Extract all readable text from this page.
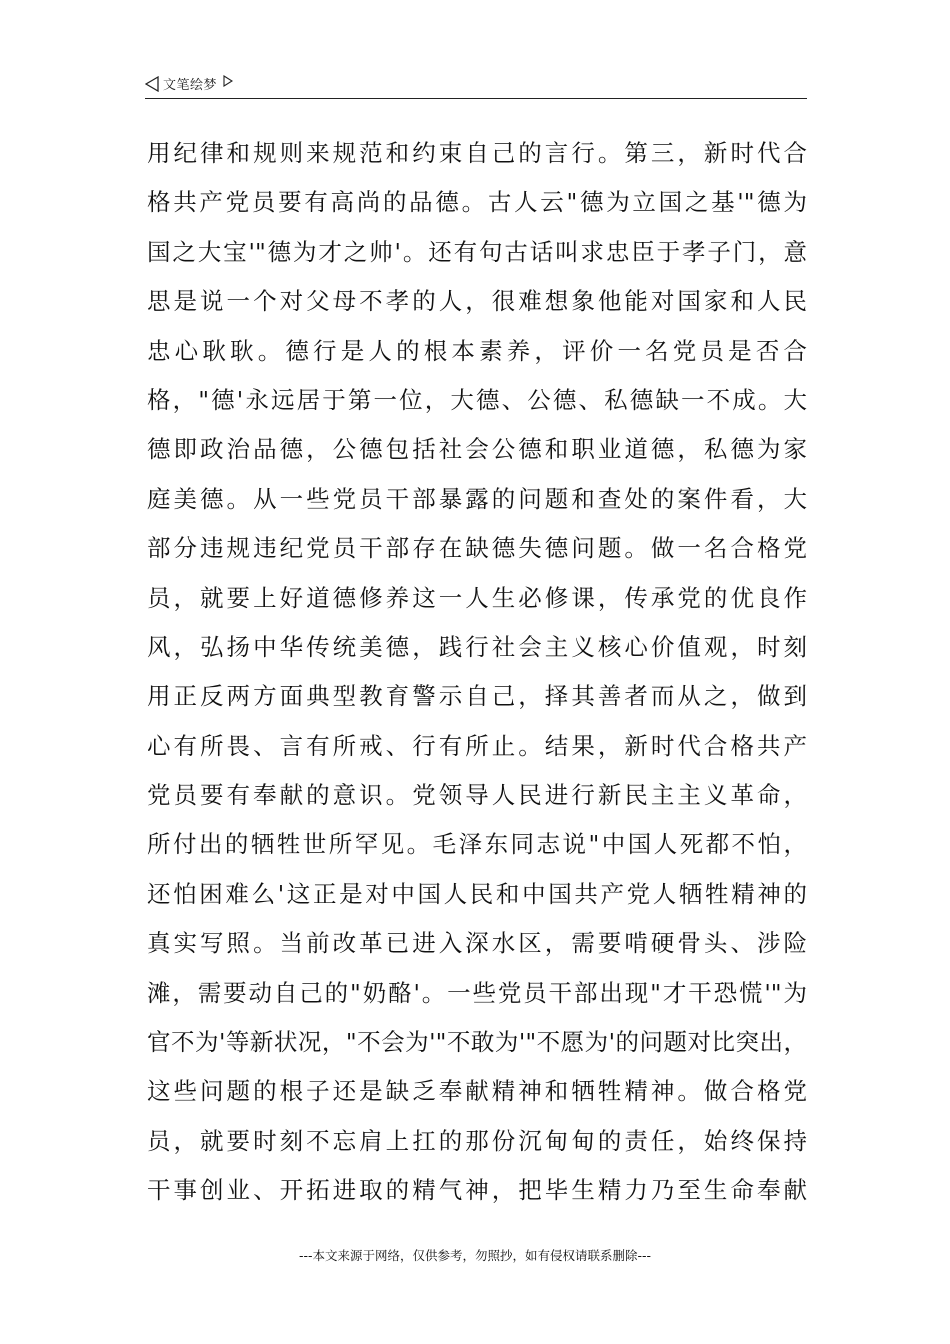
文笔绘梦
用纪律和规则来规范和约束自己的言行。第三，新时代合
格共产党员要有高尚的品德。古人云"德为立国之基'"德为
国之大宝'"德为才之帅'。还有句古话叫求忠臣于孝子门，意
思是说一个对父母不孝的人，很难想象他能对国家和人民
忠心耿耿。德行是人的根本素养，评价一名党员是否合
格，"德'永远居于第一位，大德、公德、私德缺一不成。大
德即政治品德，公德包括社会公德和职业道德，私德为家
庭美德。从一些党员干部暴露的问题和查处的案件看，大
部分违规违纪党员干部存在缺德失德问题。做一名合格党
员，就要上好道德修养这一人生必修课，传承党的优良作
风，弘扬中华传统美德，践行社会主义核心价值观，时刻
用正反两方面典型教育警示自己，择其善者而从之，做到
心有所畏、言有所戒、行有所止。结果，新时代合格共产
党员要有奉献的意识。党领导人民进行新民主主义革命，
所付出的牺牲世所罕见。毛泽东同志说"中国人死都不怕，
还怕困难么'这正是对中国人民和中国共产党人牺牲精神的
真实写照。当前改革已进入深水区，需要啃硬骨头、涉险
滩，需要动自己的"奶酪'。一些党员干部出现"才干恐慌'"为
官不为'等新状况，"不会为'"不敢为'"不愿为'的问题对比突出，
这些问题的根子还是缺乏奉献精神和牺牲精神。做合格党
员，就要时刻不忘肩上扛的那份沉甸甸的责任，始终保持
干事创业、开拓进取的精气神，把毕生精力乃至生命奉献
---本文来源于网络，仅供参考，勿照抄，如有侵权请联系删除---
